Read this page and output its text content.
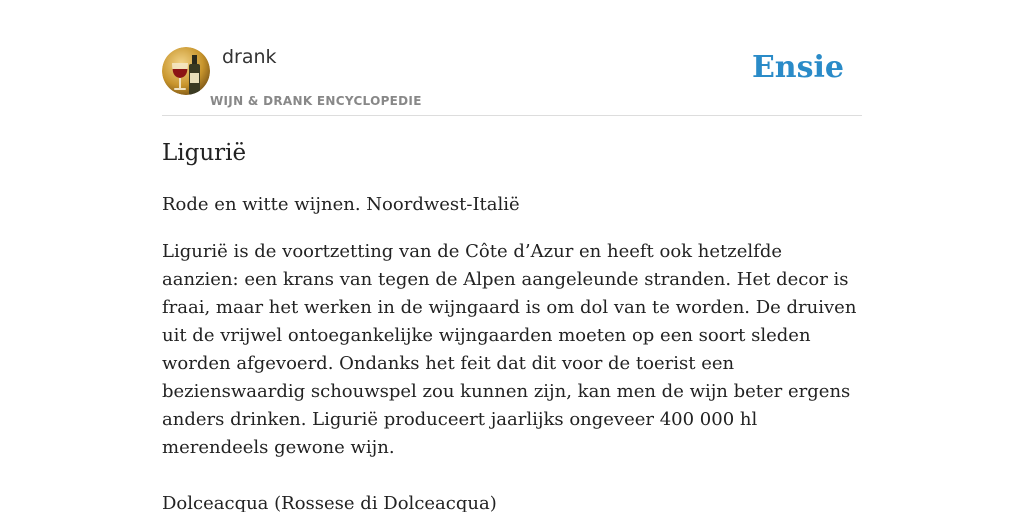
drank
WIJN & DRANK ENCYCLOPEDIE
Ensie
Ligurië
Rode en witte wijnen. Noordwest-Italië

Ligurië is de voortzetting van de Côte d’Azur en heeft ook hetzelfde aanzien: een krans van tegen de Alpen aangeleunde stranden. Het decor is fraai, maar het werken in de wijngaard is om dol van te worden. De druiven uit de vrijwel ontoegankelijke wijngaarden moeten op een soort sleden worden afgevoerd. Ondanks het feit dat dit voor de toerist een bezienswaardig schouwspel zou kunnen zijn, kan men de wijn beter ergens anders drinken. Ligurië produceert jaarlijks ongeveer 400 000 hl merendeels gewone wijn.

Dolceacqua (Rossese di Dolceacqua)
